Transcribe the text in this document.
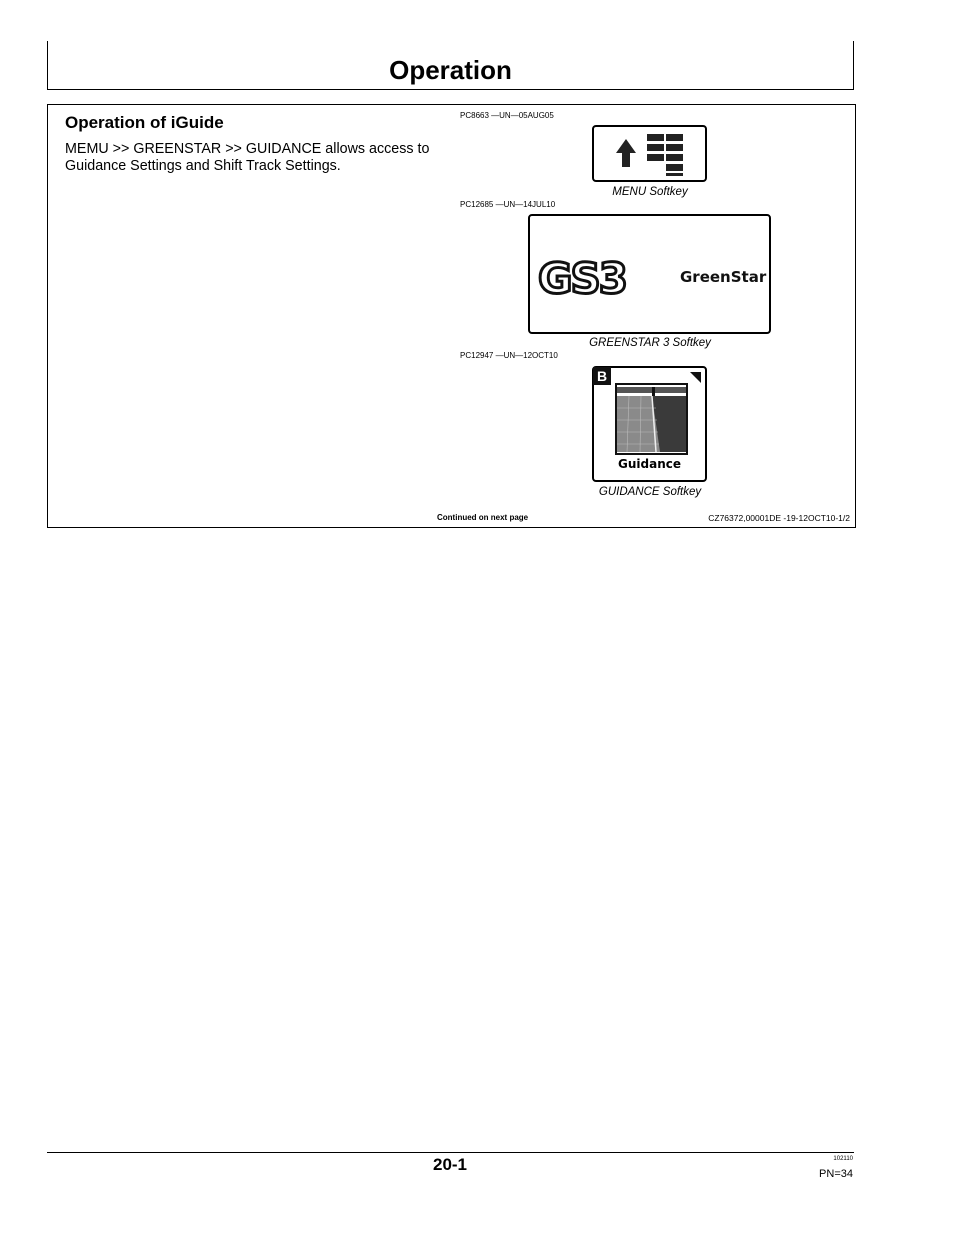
Operation
Operation of iGuide
MEMU >> GREENSTAR >> GUIDANCE allows access to Guidance Settings and Shift Track Settings.
PC8663 —UN—05AUG05
MENU Softkey
PC12685 —UN—14JUL10
GS3	GreenStar
GREENSTAR 3 Softkey
PC12947 —UN—12OCT10
B
Guidance
GUIDANCE Softkey
Continued on next page	CZ76372,00001DE -19-12OCT10-1/2
20-1	102110
PN=34
